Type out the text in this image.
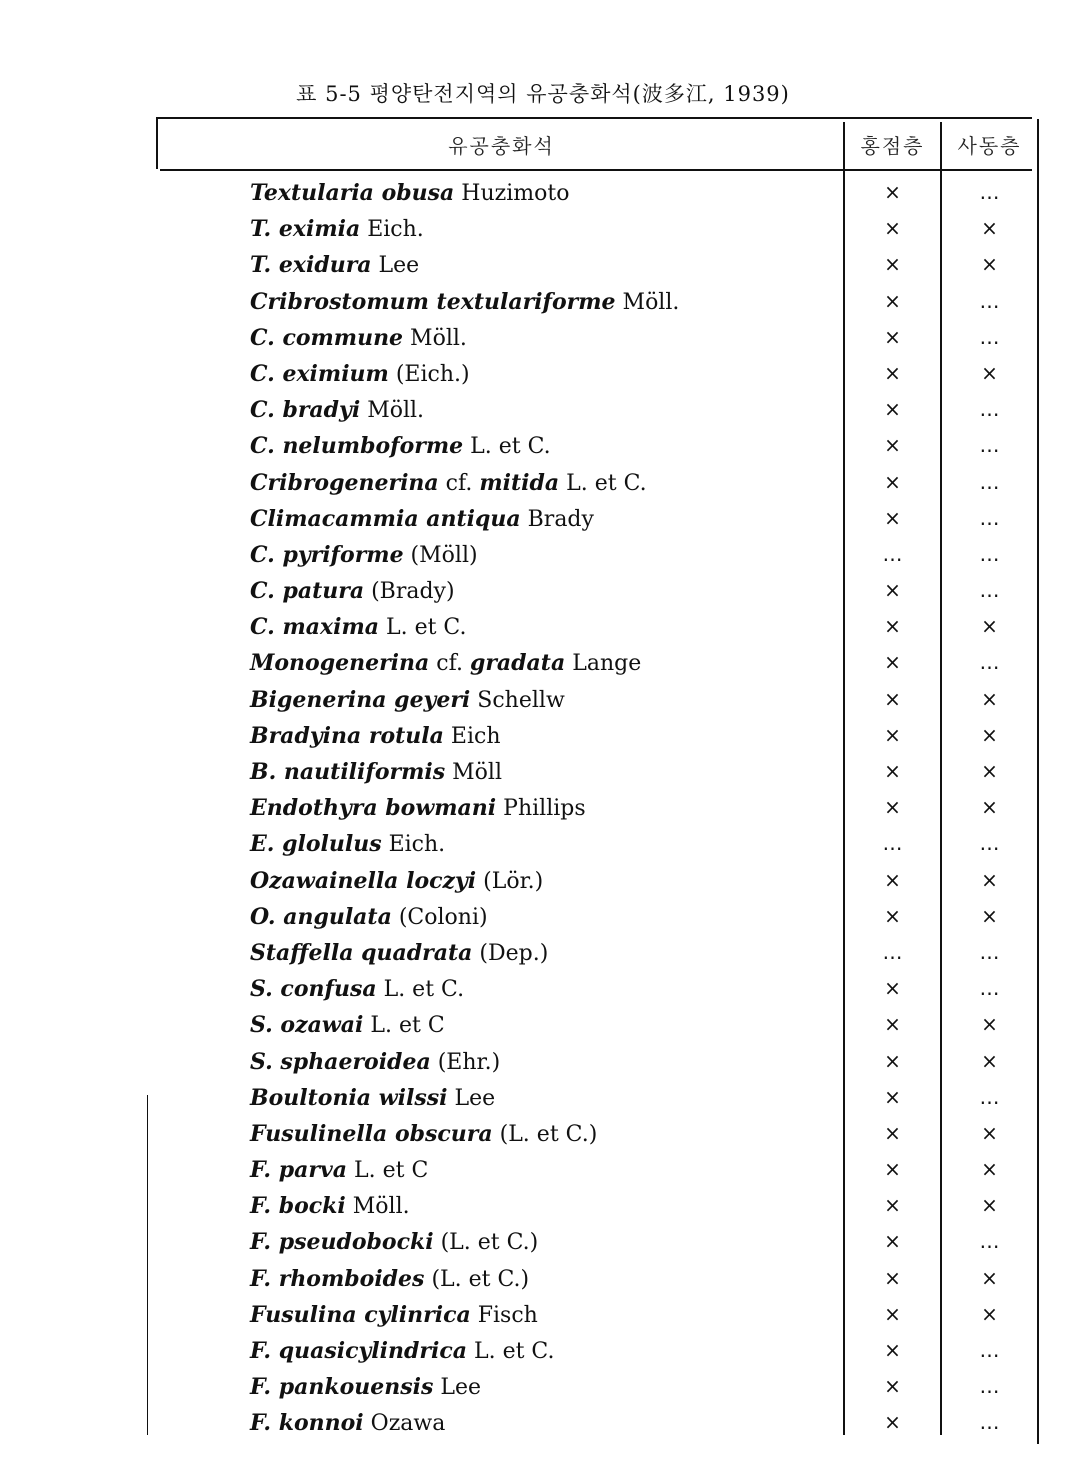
표 5-5 평양탄전지역의 유공충화석(波多江, 1939)
유공충화석	홍점층	사동층
Textularia obusa Huzimoto	×	…
T. eximia Eich.	×	×
T. exidura Lee	×	×
Cribrostomum textulariforme Möll.	×	…
C. commune Möll.	×	…
C. eximium (Eich.)	×	×
C. bradyi Möll.	×	…
C. nelumboforme L. et C.	×	…
Cribrogenerina cf. mitida L. et C.	×	…
Climacammia antiqua Brady	×	…
C. pyriforme (Möll)	…	…
C. patura (Brady)	×	…
C. maxima L. et C.	×	×
Monogenerina cf. gradata Lange	×	…
Bigenerina geyeri Schellw	×	×
Bradyina rotula Eich	×	×
B. nautiliformis Möll	×	×
Endothyra bowmani Phillips	×	×
E. glolulus Eich.	…	…
Ozawainella loczyi (Lör.)	×	×
O. angulata (Coloni)	×	×
Staffella quadrata (Dep.)	…	…
S. confusa L. et C.	×	…
S. ozawai L. et C	×	×
S. sphaeroidea (Ehr.)	×	×
Boultonia wilssi Lee	×	…
Fusulinella obscura (L. et C.)	×	×
F. parva L. et C	×	×
F. bocki Möll.	×	×
F. pseudobocki (L. et C.)	×	…
F. rhomboides (L. et C.)	×	×
Fusulina cylinrica Fisch	×	×
F. quasicylindrica L. et C.	×	…
F. pankouensis Lee	×	…
F. konnoi Ozawa	×	…
